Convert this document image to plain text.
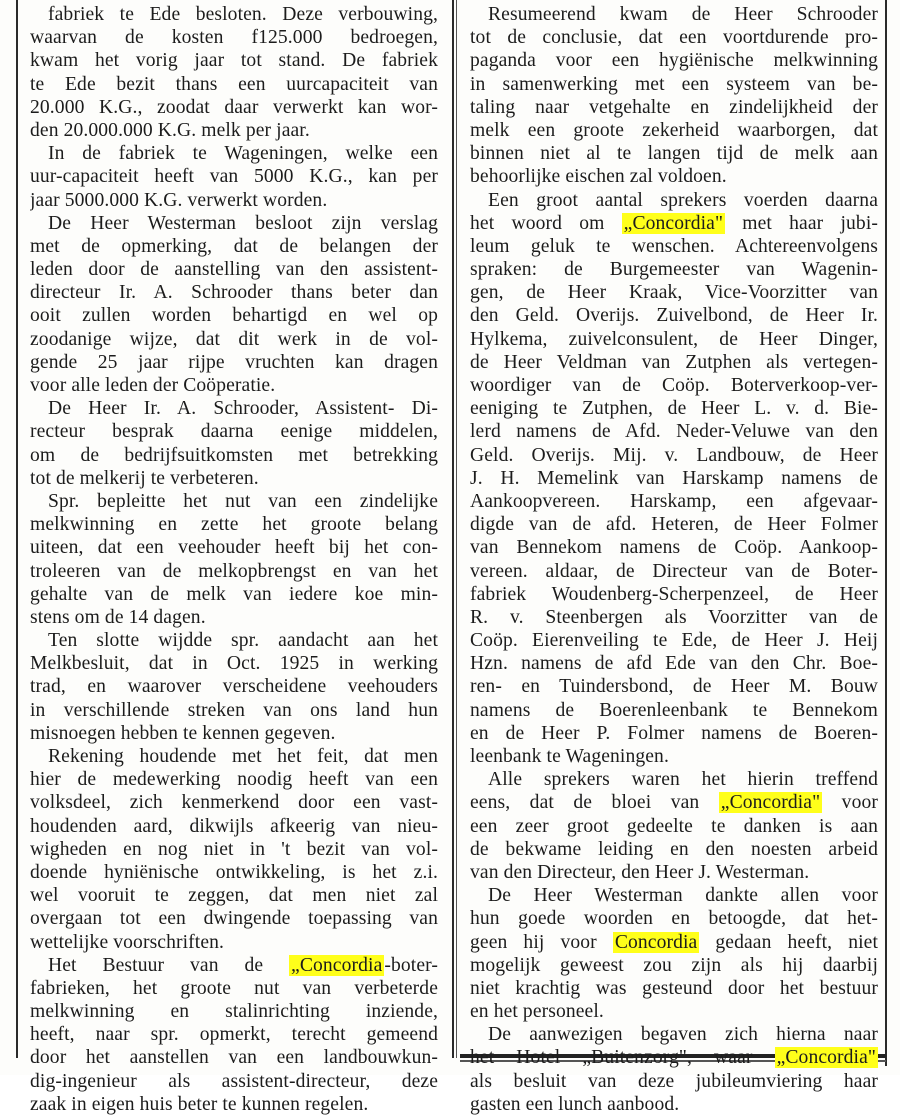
fabriek te Ede besloten. Deze verbouwing,
waarvan de kosten f125.000 bedroegen,
kwam het vorig jaar tot stand. De fabriek
te Ede bezit thans een uurcapaciteit van
20.000 K.G., zoodat daar verwerkt kan wor-
den 20.000.000 K.G. melk per jaar.
In de fabriek te Wageningen, welke een
uur-capaciteit heeft van 5000 K.G., kan per
jaar 5000.000 K.G. verwerkt worden.
De Heer Westerman besloot zijn verslag
met de opmerking, dat de belangen der
leden door de aanstelling van den assistent-
directeur Ir. A. Schrooder thans beter dan
ooit zullen worden behartigd en wel op
zoodanige wijze, dat dit werk in de vol-
gende 25 jaar rijpe vruchten kan dragen
voor alle leden der Coöperatie.
De Heer Ir. A. Schrooder, Assistent- Di-
recteur besprak daarna eenige middelen,
om de bedrijfsuitkomsten met betrekking
tot de melkerij te verbeteren.
Spr. bepleitte het nut van een zindelijke
melkwinning en zette het groote belang
uiteen, dat een veehouder heeft bij het con-
troleeren van de melkopbrengst en van het
gehalte van de melk van iedere koe min-
stens om de 14 dagen.
Ten slotte wijdde spr. aandacht aan het
Melkbesluit, dat in Oct. 1925 in werking
trad, en waarover verscheidene veehouders
in verschillende streken van ons land hun
misnoegen hebben te kennen gegeven.
Rekening houdende met het feit, dat men
hier de medewerking noodig heeft van een
volksdeel, zich kenmerkend door een vast-
houdenden aard, dikwijls afkeerig van nieu-
wigheden en nog niet in 't bezit van vol-
doende hyniënische ontwikkeling, is het z.i.
wel vooruit te zeggen, dat men niet zal
overgaan tot een dwingende toepassing van
wettelijke voorschriften.
Het Bestuur van de „Concordia -boter-
fabrieken, het groote nut van verbeterde
melkwinning en stalinrichting inziende,
heeft, naar spr. opmerkt, terecht gemeend
door het aanstellen van een landbouwkun-
dig-ingenieur als assistent-directeur, deze
zaak in eigen huis beter te kunnen regelen.
Resumeerend kwam de Heer Schrooder
tot de conclusie, dat een voortdurende pro-
paganda voor een hygiënische melkwinning
in samenwerking met een systeem van be-
taling naar vetgehalte en zindelijkheid der
melk een groote zekerheid waarborgen, dat
binnen niet al te langen tijd de melk aan
behoorlijke eischen zal voldoen.
Een groot aantal sprekers voerden daarna
het woord om „Concordia" met haar jubi-
leum geluk te wenschen. Achtereenvolgens
spraken: de Burgemeester van Wagenin-
gen, de Heer Kraak, Vice-Voorzitter van
den Geld. Overijs. Zuivelbond, de Heer Ir.
Hylkema, zuivelconsulent, de Heer Dinger,
de Heer Veldman van Zutphen als vertegen-
woordiger van de Coöp. Boterverkoop-ver-
eeniging te Zutphen, de Heer L. v. d. Bie-
lerd namens de Afd. Neder-Veluwe van den
Geld. Overijs. Mij. v. Landbouw, de Heer
J. H. Memelink van Harskamp namens de
Aankoopvereen. Harskamp, een afgevaar-
digde van de afd. Heteren, de Heer Folmer
van Bennekom namens de Coöp. Aankoop-
vereen. aldaar, de Directeur van de Boter-
fabriek Woudenberg-Scherpenzeel, de Heer
R. v. Steenbergen als Voorzitter van de
Coöp. Eierenveiling te Ede, de Heer J. Heij
Hzn. namens de afd Ede van den Chr. Boe-
ren- en Tuindersbond, de Heer M. Bouw
namens de Boerenleenbank te Bennekom
en de Heer P. Folmer namens de Boeren-
leenbank te Wageningen.
Alle sprekers waren het hierin treffend
eens, dat de bloei van „Concordia" voor
een zeer groot gedeelte te danken is aan
de bekwame leiding en den noesten arbeid
van den Directeur, den Heer J. Westerman.
De Heer Westerman dankte allen voor
hun goede woorden en betoogde, dat het-
geen hij voor Concordia gedaan heeft, niet
mogelijk geweest zou zijn als hij daarbij
niet krachtig was gesteund door het bestuur
en het personeel.
De aanwezigen begaven zich hierna naar
het Hotel „Buitenzorg", waar „Concordia"
als besluit van deze jubileumviering haar
gasten een lunch aanbood.
